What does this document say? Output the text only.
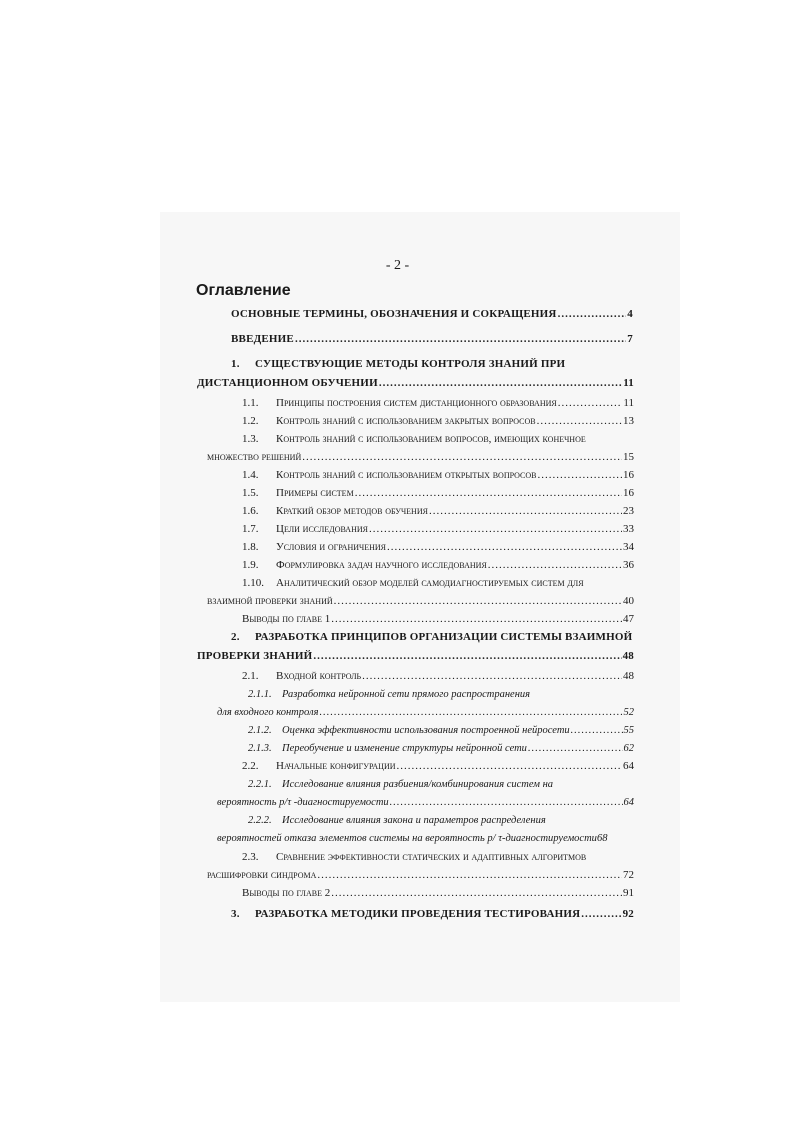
- 2 -
Оглавление
ОСНОВНЫЕ ТЕРМИНЫ, ОБОЗНАЧЕНИЯ И СОКРАЩЕНИЯ .....	4
ВВЕДЕНИЕ .....	7
1. СУЩЕСТВУЮЩИЕ МЕТОДЫ КОНТРОЛЯ ЗНАНИЙ ПРИ
ДИСТАНЦИОННОМ ОБУЧЕНИИ .....	11
1.1. Принципы построения систем дистанционного образования .....	11
1.2. Контроль знаний с использованием закрытых вопросов .....	13
1.3. Контроль знаний с использованием вопросов, имеющих конечное
множество решений .....	15
1.4. Контроль знаний с использованием открытых вопросов .....	16
1.5. Примеры систем .....	16
1.6. Краткий обзор методов обучения .....	23
1.7. Цели исследования .....	33
1.8. Условия и ограничения .....	34
1.9. Формулировка задач научного исследования .....	36
1.10. Аналитический обзор моделей самодиагностируемых систем для
взаимной проверки знаний .....	40
Выводы по главе 1 .....	47
2. РАЗРАБОТКА ПРИНЦИПОВ ОРГАНИЗАЦИИ СИСТЕМЫ ВЗАИМНОЙ
ПРОВЕРКИ ЗНАНИЙ .....	48
2.1. Входной контроль .....	48
2.1.1. Разработка нейронной сети прямого распространения
для входного контроля .....	52
2.1.2. Оценка эффективности использования построенной нейросети .....	55
2.1.3. Переобучение и изменение структуры нейронной сети .....	62
2.2. Начальные конфигурации .....	64
2.2.1. Исследование влияния разбиения/комбинирования систем на
вероятность р/τ -диагностируемости .....	64
2.2.2. Исследование влияния закона и параметров распределения
вероятностей отказа элементов системы на вероятность р/ τ-диагностируемости68
2.3. Сравнение эффективности статических и адаптивных алгоритмов
расшифровки синдрома .....	72
Выводы по главе 2 .....	91
3. РАЗРАБОТКА МЕТОДИКИ ПРОВЕДЕНИЯ ТЕСТИРОВАНИЯ .....	92
